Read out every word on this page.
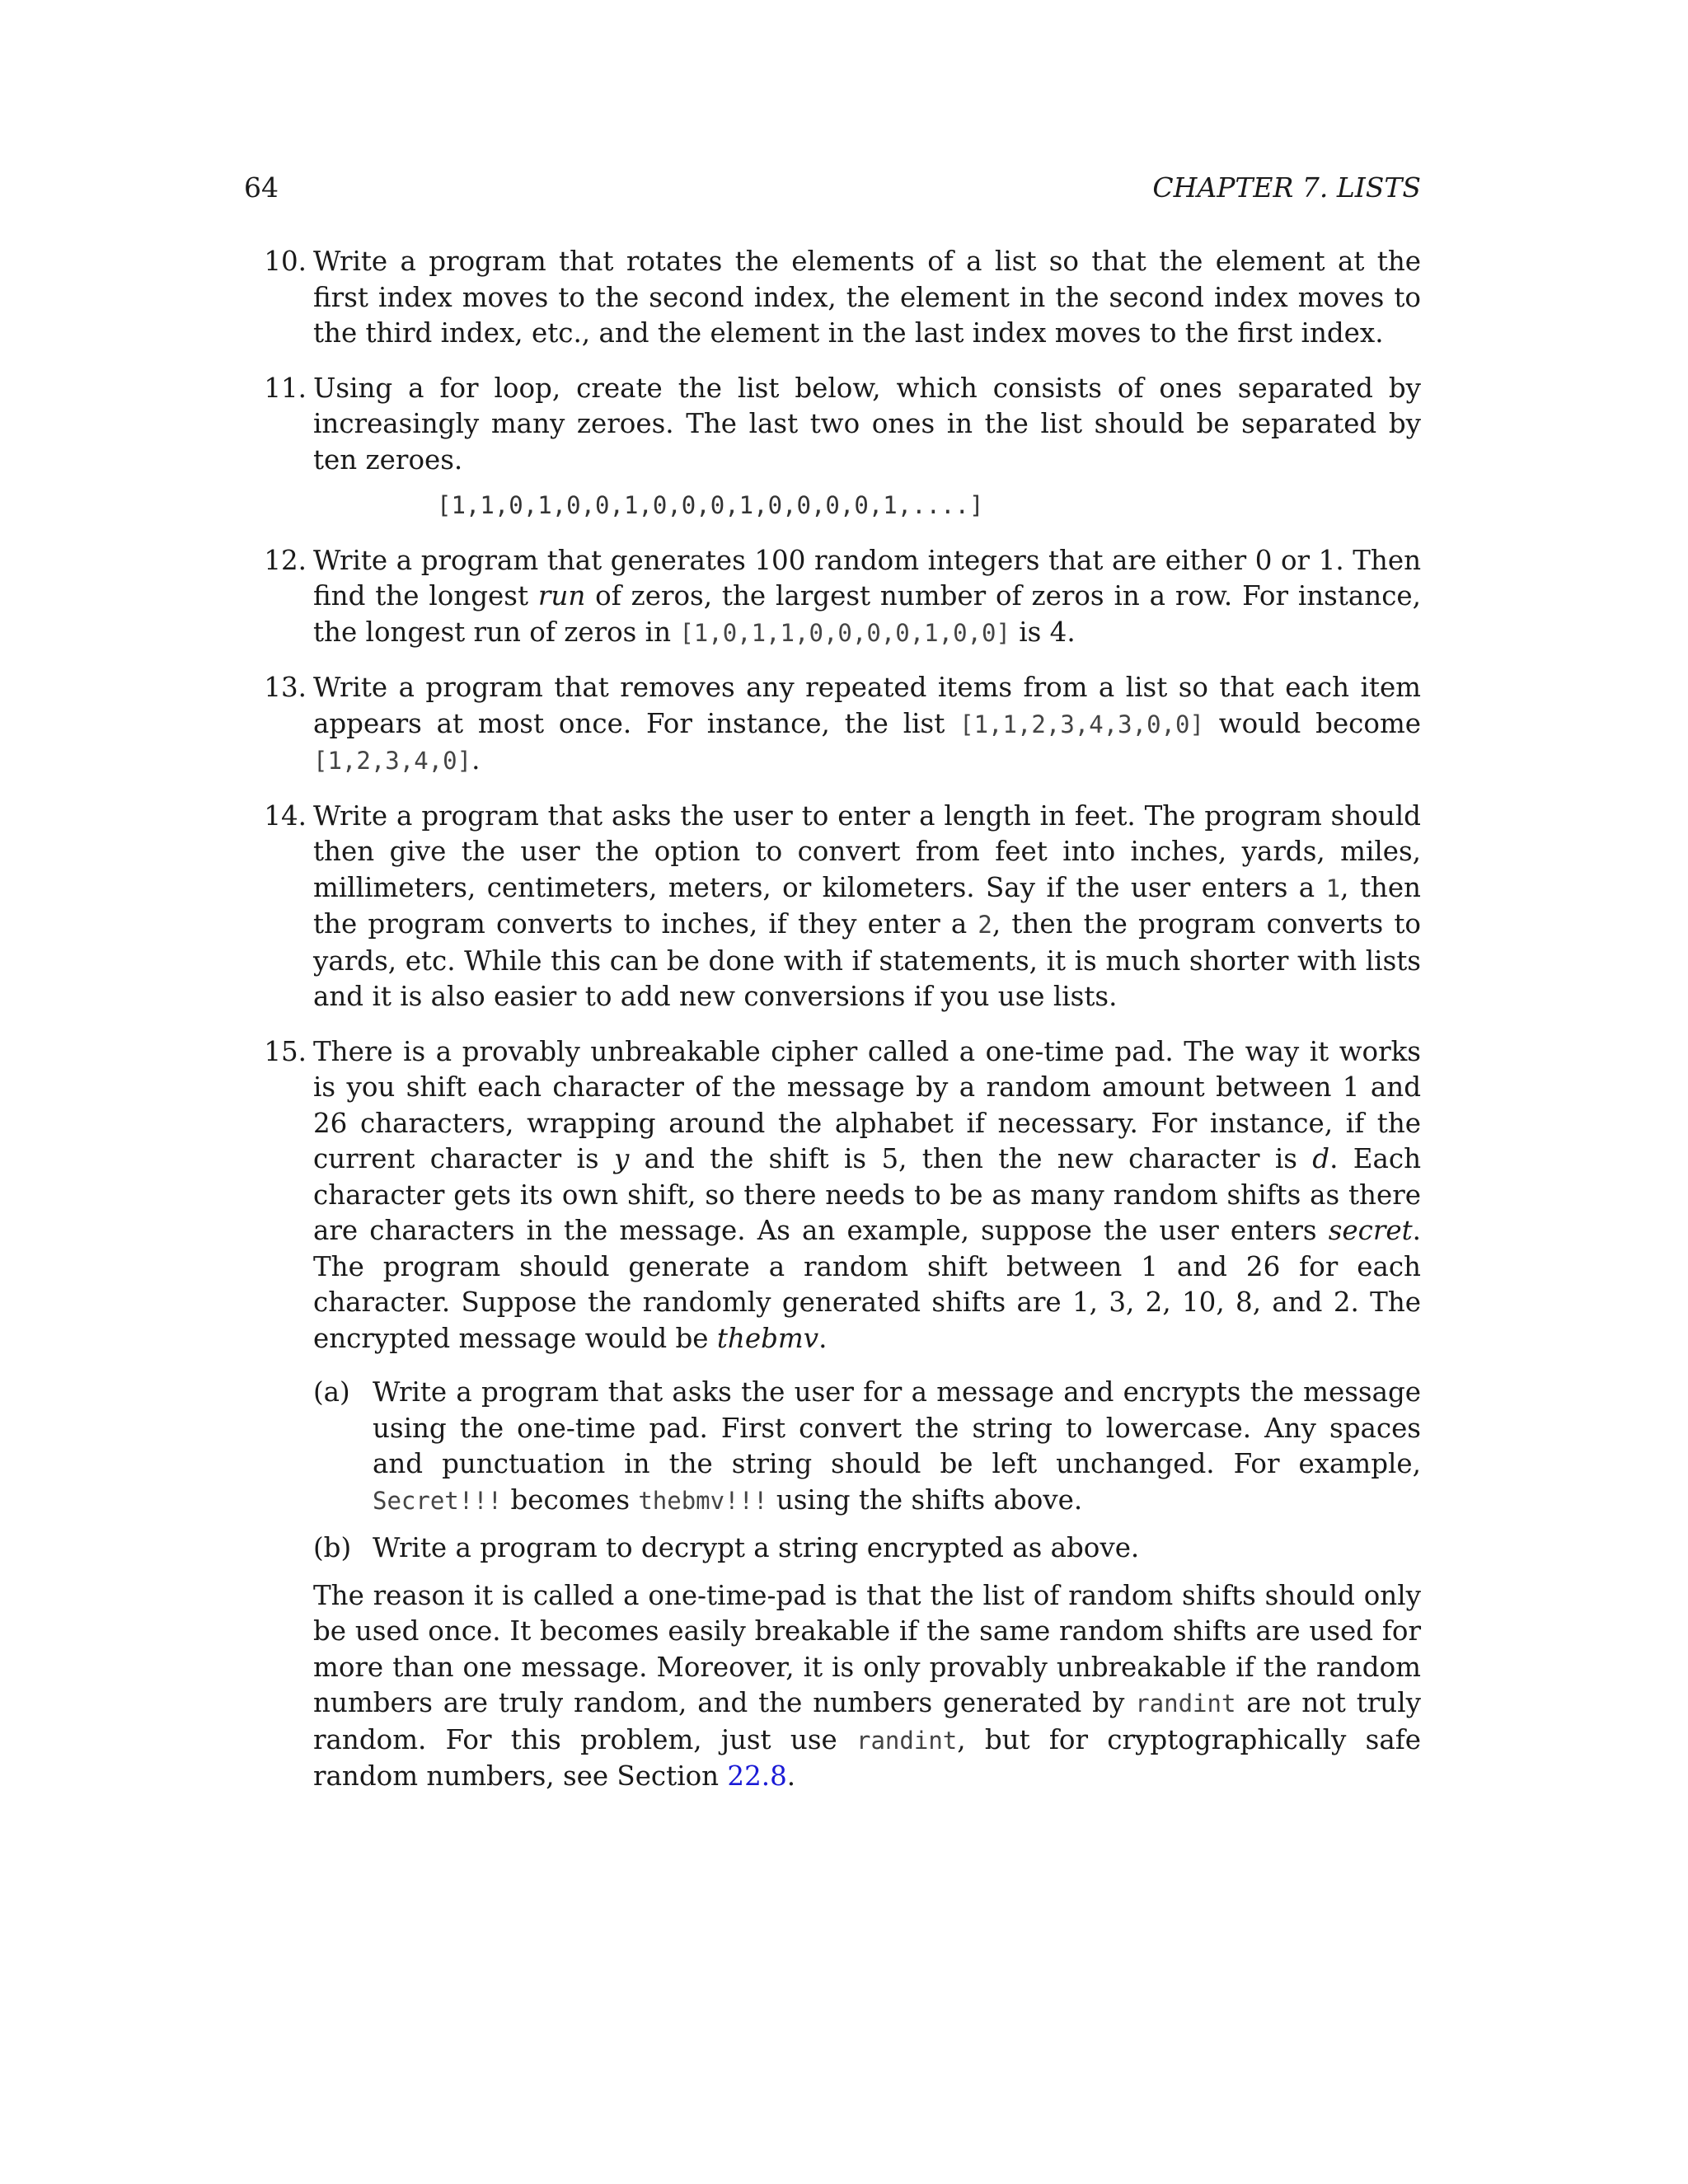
64	CHAPTER 7. LISTS
10. Write a program that rotates the elements of a list so that the element at the first index moves to the second index, the element in the second index moves to the third index, etc., and the element in the last index moves to the first index.

11. Using a for loop, create the list below, which consists of ones separated by increasingly many zeroes. The last two ones in the list should be separated by ten zeroes.

[1,1,0,1,0,0,1,0,0,0,1,0,0,0,0,1,....]
12. Write a program that generates 100 random integers that are either 0 or 1. Then find the longest run of zeros, the largest number of zeros in a row. For instance, the longest run of zeros in [1,0,1,1,0,0,0,0,1,0,0] is 4.

13. Write a program that removes any repeated items from a list so that each item appears at most once. For instance, the list [1,1,2,3,4,3,0,0] would become [1,2,3,4,0].

14. Write a program that asks the user to enter a length in feet. The program should then give the user the option to convert from feet into inches, yards, miles, millimeters, centimeters, meters, or kilometers. Say if the user enters a 1, then the program converts to inches, if they enter a 2, then the program converts to yards, etc. While this can be done with if statements, it is much shorter with lists and it is also easier to add new conversions if you use lists.

15. There is a provably unbreakable cipher called a one-time pad. The way it works is you shift each character of the message by a random amount between 1 and 26 characters, wrapping around the alphabet if necessary. For instance, if the current character is y and the shift is 5, then the new character is d. Each character gets its own shift, so there needs to be as many random shifts as there are characters in the message. As an example, suppose the user enters secret. The program should generate a random shift between 1 and 26 for each character. Suppose the randomly generated shifts are 1, 3, 2, 10, 8, and 2. The encrypted message would be thebmv.

(a) Write a program that asks the user for a message and encrypts the message using the one-time pad. First convert the string to lowercase. Any spaces and punctuation in the string should be left unchanged. For example, Secret!!! becomes thebmv!!! using the shifts above.

(b) Write a program to decrypt a string encrypted as above.

The reason it is called a one-time-pad is that the list of random shifts should only be used once. It becomes easily breakable if the same random shifts are used for more than one message. Moreover, it is only provably unbreakable if the random numbers are truly random, and the numbers generated by randint are not truly random. For this problem, just use randint, but for cryptographically safe random numbers, see Section 22.8.
